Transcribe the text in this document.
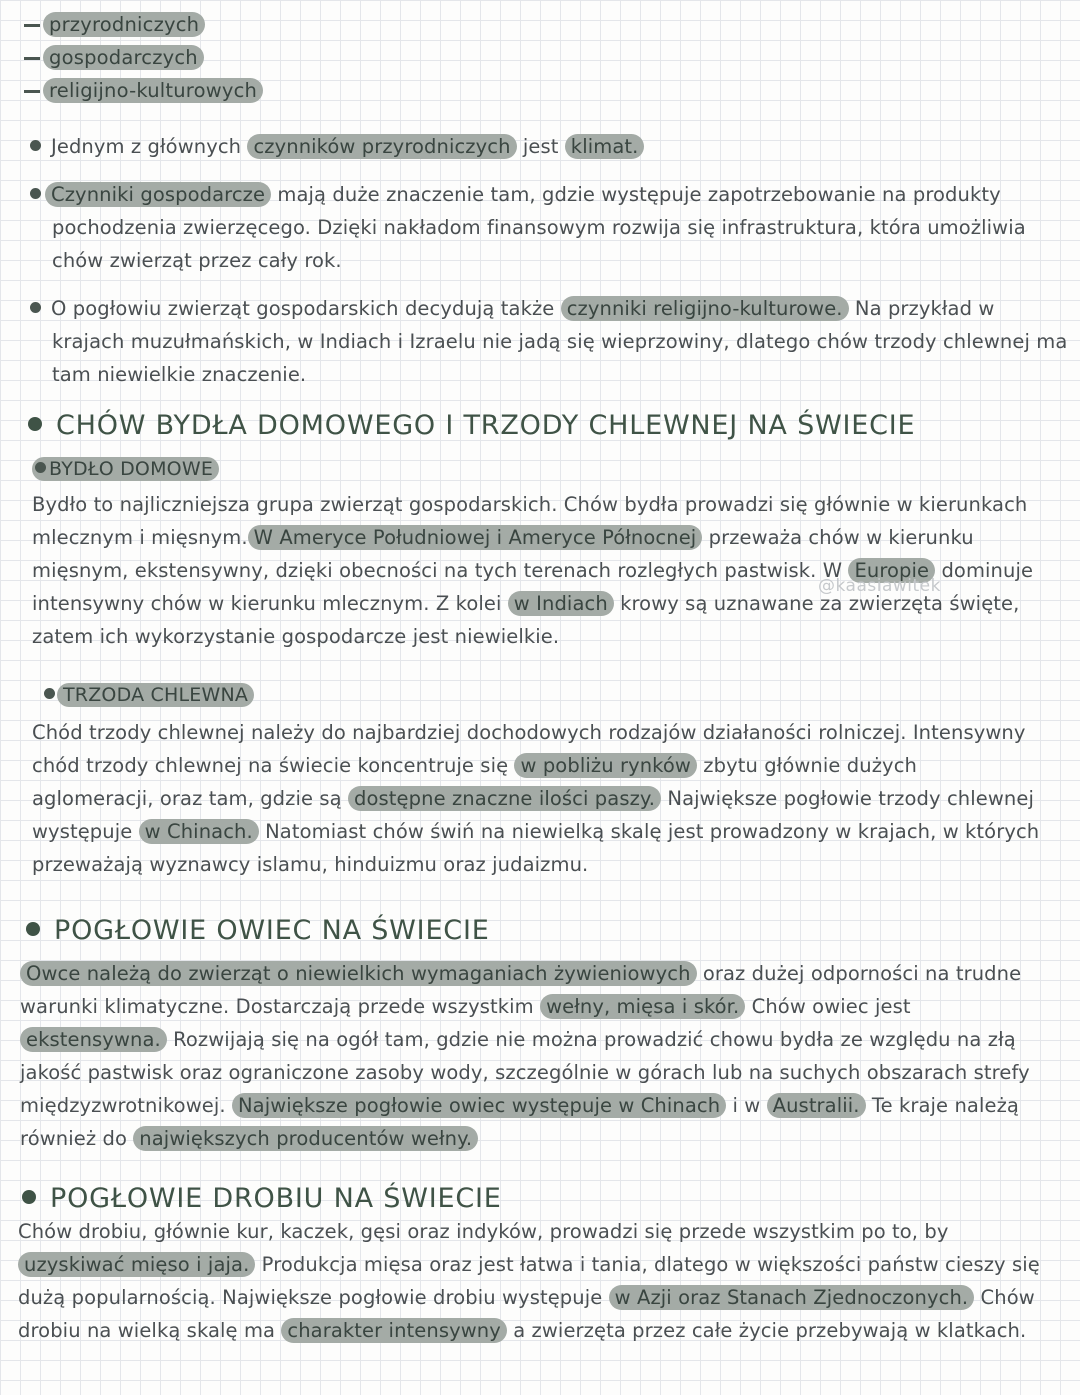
przyrodniczych
gospodarczych
religijno-kulturowych

Jednym z głównych czynników przyrodniczych jest klimat.

Czynniki gospodarcze mają duże znaczenie tam, gdzie występuje zapotrzebowanie na produkty pochodzenia zwierzęcego. Dzięki nakładom finansowym rozwija się infrastruktura, która umożliwia chów zwierząt przez cały rok.

O pogłowiu zwierząt gospodarskich decydują także czynniki religijno-kulturowe. Na przykład w krajach muzułmańskich, w Indiach i Izraelu nie jadą się wieprzowiny, dlatego chów trzody chlewnej ma tam niewielkie znaczenie.

CHÓW BYDŁA DOMOWEGO I TRZODY CHLEWNEJ NA ŚWIECIE
BYDŁO DOMOWE

Bydło to najliczniejsza grupa zwierząt gospodarskich. Chów bydła prowadzi się głównie w kierunkach mlecznym i mięsnym. W Ameryce Południowej i Ameryce Północnej przeważa chów w kierunku mięsnym, ekstensywny, dzięki obecności na tych terenach rozległych pastwisk. W Europie dominuje intensywny chów w kierunku mlecznym. Z kolei w Indiach krowy są uznawane za zwierzęta święte, zatem ich wykorzystanie gospodarcze jest niewielkie.

@kaasiawitek
TRZODA CHLEWNA

Chód trzody chlewnej należy do najbardziej dochodowych rodzajów działaności rolniczej. Intensywny chód trzody chlewnej na świecie koncentruje się w pobliżu rynków zbytu głównie dużych aglomeracji, oraz tam, gdzie są dostępne znaczne ilości paszy. Największe pogłowie trzody chlewnej występuje w Chinach. Natomiast chów świń na niewielką skalę jest prowadzony w krajach, w których przeważają wyznawcy islamu, hinduizmu oraz judaizmu.

POGŁOWIE OWIEC NA ŚWIECIE

Owce należą do zwierząt o niewielkich wymaganiach żywieniowych oraz dużej odporności na trudne warunki klimatyczne. Dostarczają przede wszystkim wełny, mięsa i skór. Chów owiec jest ekstensywna. Rozwijają się na ogół tam, gdzie nie można prowadzić chowu bydła ze względu na złą jakość pastwisk oraz ograniczone zasoby wody, szczególnie w górach lub na suchych obszarach strefy międzyzwrotnikowej. Największe pogłowie owiec występuje w Chinach i w Australii. Te kraje należą również do największych producentów wełny.

POGŁOWIE DROBIU NA ŚWIECIE

Chów drobiu, głównie kur, kaczek, gęsi oraz indyków, prowadzi się przede wszystkim po to, by uzyskiwać mięso i jaja. Produkcja mięsa oraz jest łatwa i tania, dlatego w większości państw cieszy się dużą popularnością. Największe pogłowie drobiu występuje w Azji oraz Stanach Zjednoczonych. Chów drobiu na wielką skalę ma charakter intensywny a zwierzęta przez całe życie przebywają w klatkach.
